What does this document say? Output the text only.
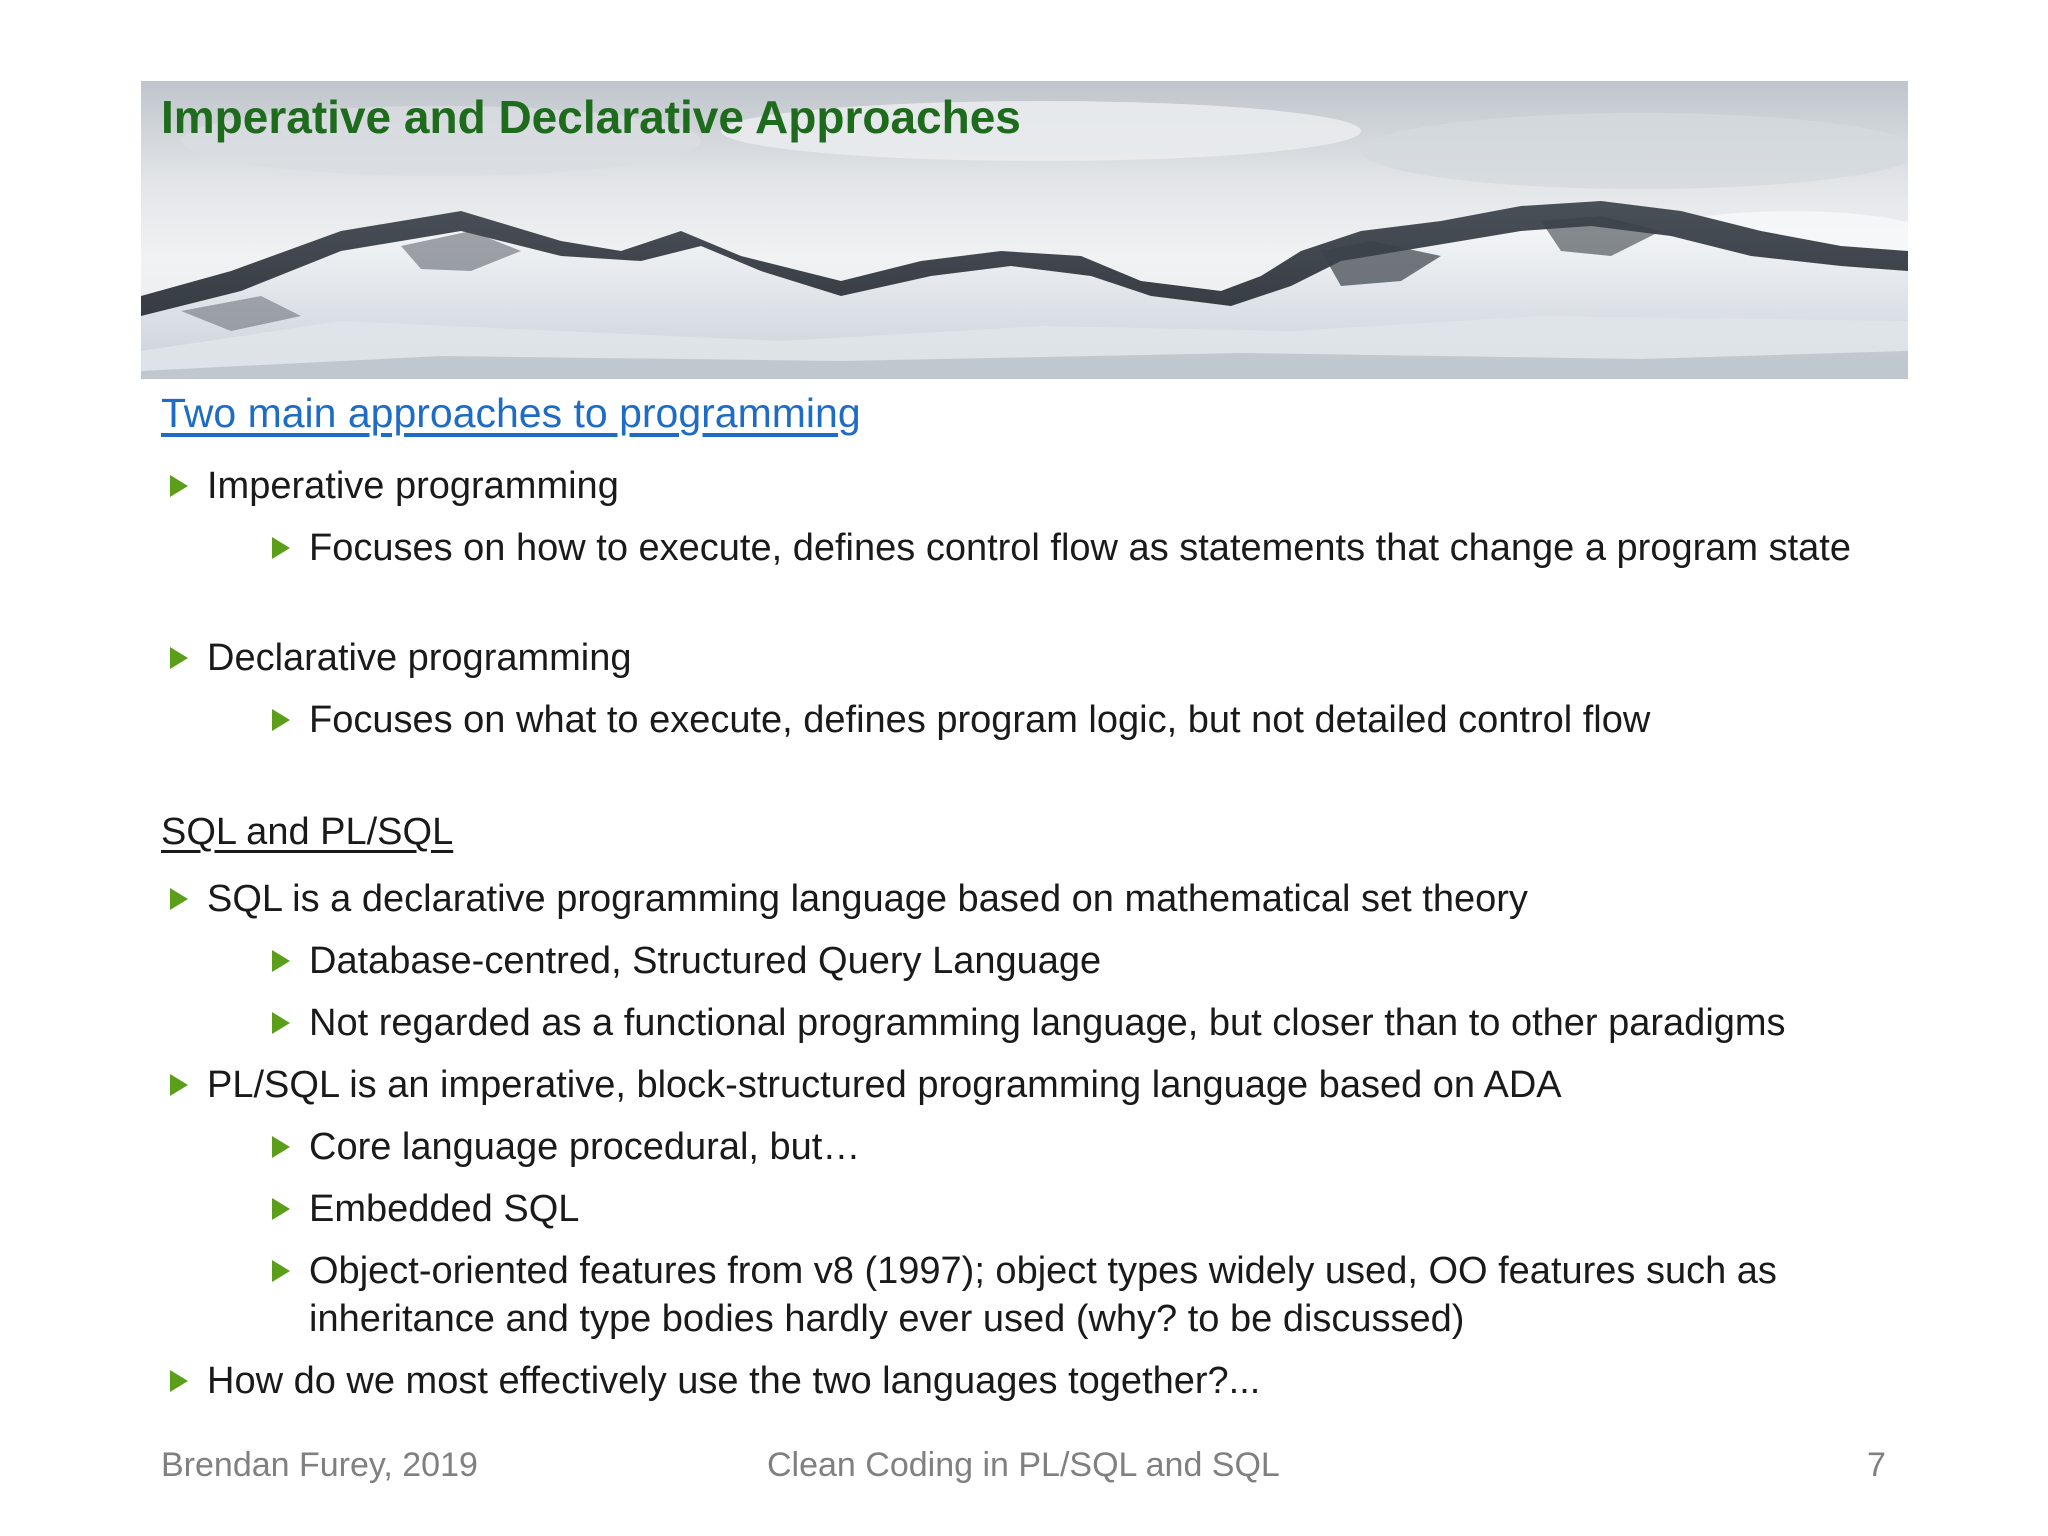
Imperative and Declarative Approaches
Two main approaches to programming
Imperative programming
Focuses on how to execute, defines control flow as statements that change a program state
Declarative programming
Focuses on what to execute, defines program logic, but not detailed control flow
SQL and PL/SQL
SQL is a declarative programming language based on mathematical set theory
Database-centred, Structured Query Language
Not regarded as a functional programming language, but closer than to other paradigms
PL/SQL is an imperative, block-structured programming language based on ADA
Core language procedural, but…
Embedded SQL
Object-oriented features from v8 (1997); object types widely used, OO features such as inheritance and type bodies hardly ever used (why? to be discussed)
How do we most effectively use the two languages together?...
Brendan Furey, 2019	Clean Coding in PL/SQL and SQL	7
